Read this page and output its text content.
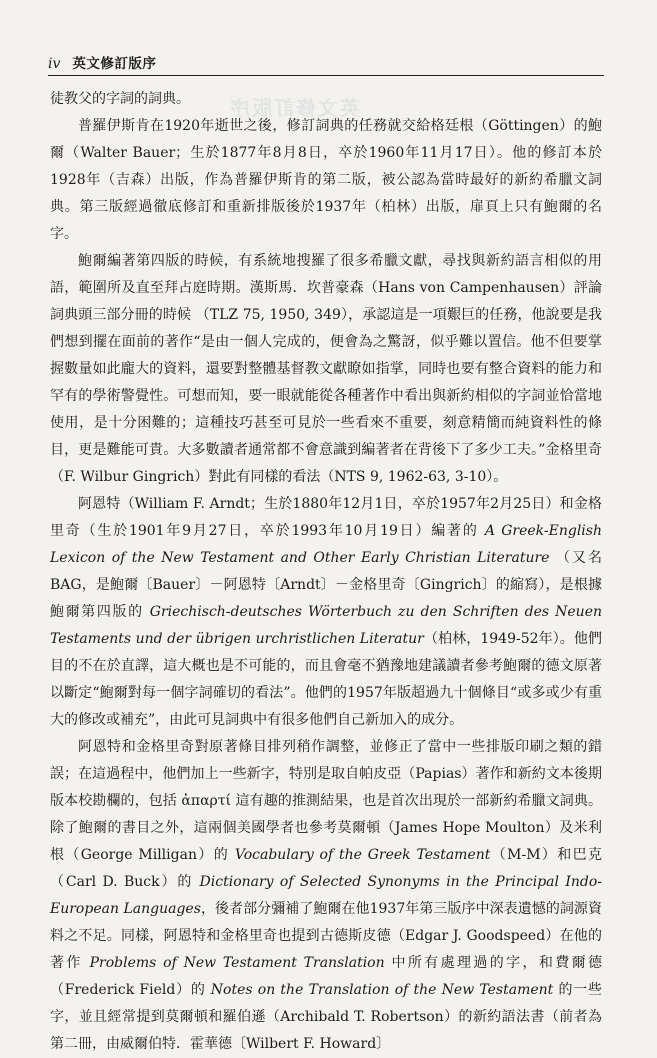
英文修訂版序
iv 英文修訂版序

徒教父的字詞的詞典。

普羅伊斯肯在1920年逝世之後，修訂詞典的任務就交給格廷根（Göttingen）的鮑爾（Walter Bauer；生於1877年8月8日，卒於1960年11月17日）。他的修訂本於1928年（吉森）出版，作為普羅伊斯肯的第二版，被公認為當時最好的新約希臘文詞典。第三版經過徹底修訂和重新排版後於1937年（柏林）出版，扉頁上只有鮑爾的名字。

鮑爾編著第四版的時候，有系統地搜羅了很多希臘文獻，尋找與新約語言相似的用語，範圍所及直至拜占庭時期。漢斯馬．坎普豪森（Hans von Campenhausen）評論詞典頭三部分冊的時候 （TLZ 75, 1950, 349），承認這是一項艱巨的任務，他說要是我們想到擺在面前的著作“是由一個人完成的，便會為之驚訝，似乎難以置信。他不但要掌握數量如此龐大的資料，還要對整體基督教文獻瞭如指掌，同時也要有整合資料的能力和罕有的學術警覺性。可想而知，要一眼就能從各種著作中看出與新約相似的字詞並恰當地使用，是十分困難的；這種技巧甚至可見於一些看來不重要，刻意精簡而純資料性的條目，更是難能可貴。大多數讀者通常都不會意識到編著者在背後下了多少工夫。”金格里奇（F. Wilbur Gingrich）對此有同樣的看法（NTS 9, 1962-63, 3-10）。

阿恩特（William F. Arndt；生於1880年12月1日，卒於1957年2月25日）和金格里奇（生於1901年9月27日，卒於1993年10月19日）編著的 A Greek-English Lexicon of the New Testament and Other Early Christian Literature （又名 BAG，是鮑爾〔Bauer〕－阿恩特〔Arndt〕－金格里奇〔Gingrich〕的縮寫），是根據鮑爾第四版的 Griechisch-deutsches Wörterbuch zu den Schriften des Neuen Testaments und der übrigen urchristlichen Literatur（柏林，1949-52年）。他們目的不在於直譯，這大概也是不可能的，而且會毫不猶豫地建議讀者參考鮑爾的德文原著以斷定“鮑爾對每一個字詞確切的看法”。他們的1957年版超過九十個條目“或多或少有重大的修改或補充”，由此可見詞典中有很多他們自己新加入的成分。

阿恩特和金格里奇對原著條目排列稍作調整，並修正了當中一些排版印刷之類的錯誤；在這過程中，他們加上一些新字，特別是取自帕皮亞（Papias）著作和新約文本後期版本校勘欄的，包括 ἀπαρτί 這有趣的推測結果，也是首次出現於一部新約希臘文詞典。除了鮑爾的書目之外，這兩個美國學者也參考莫爾頓（James Hope Moulton）及米利根（George Milligan）的 Vocabulary of the Greek Testament（M-M）和巴克（Carl D. Buck）的 Dictionary of Selected Synonyms in the Principal Indo-European Languages，後者部分彌補了鮑爾在他1937年第三版序中深表遺憾的詞源資料之不足。同樣，阿恩特和金格里奇也提到古德斯皮德（Edgar J. Goodspeed）在他的著作 Problems of New Testament Translation 中所有處理過的字，和費爾德（Frederick Field）的 Notes on the Translation of the New Testament 的一些字，並且經常提到莫爾頓和羅伯遜（Archibald T. Robertson）的新約語法書（前者為第二冊，由威爾伯特．霍華德〔Wilbert F. Howard〕
